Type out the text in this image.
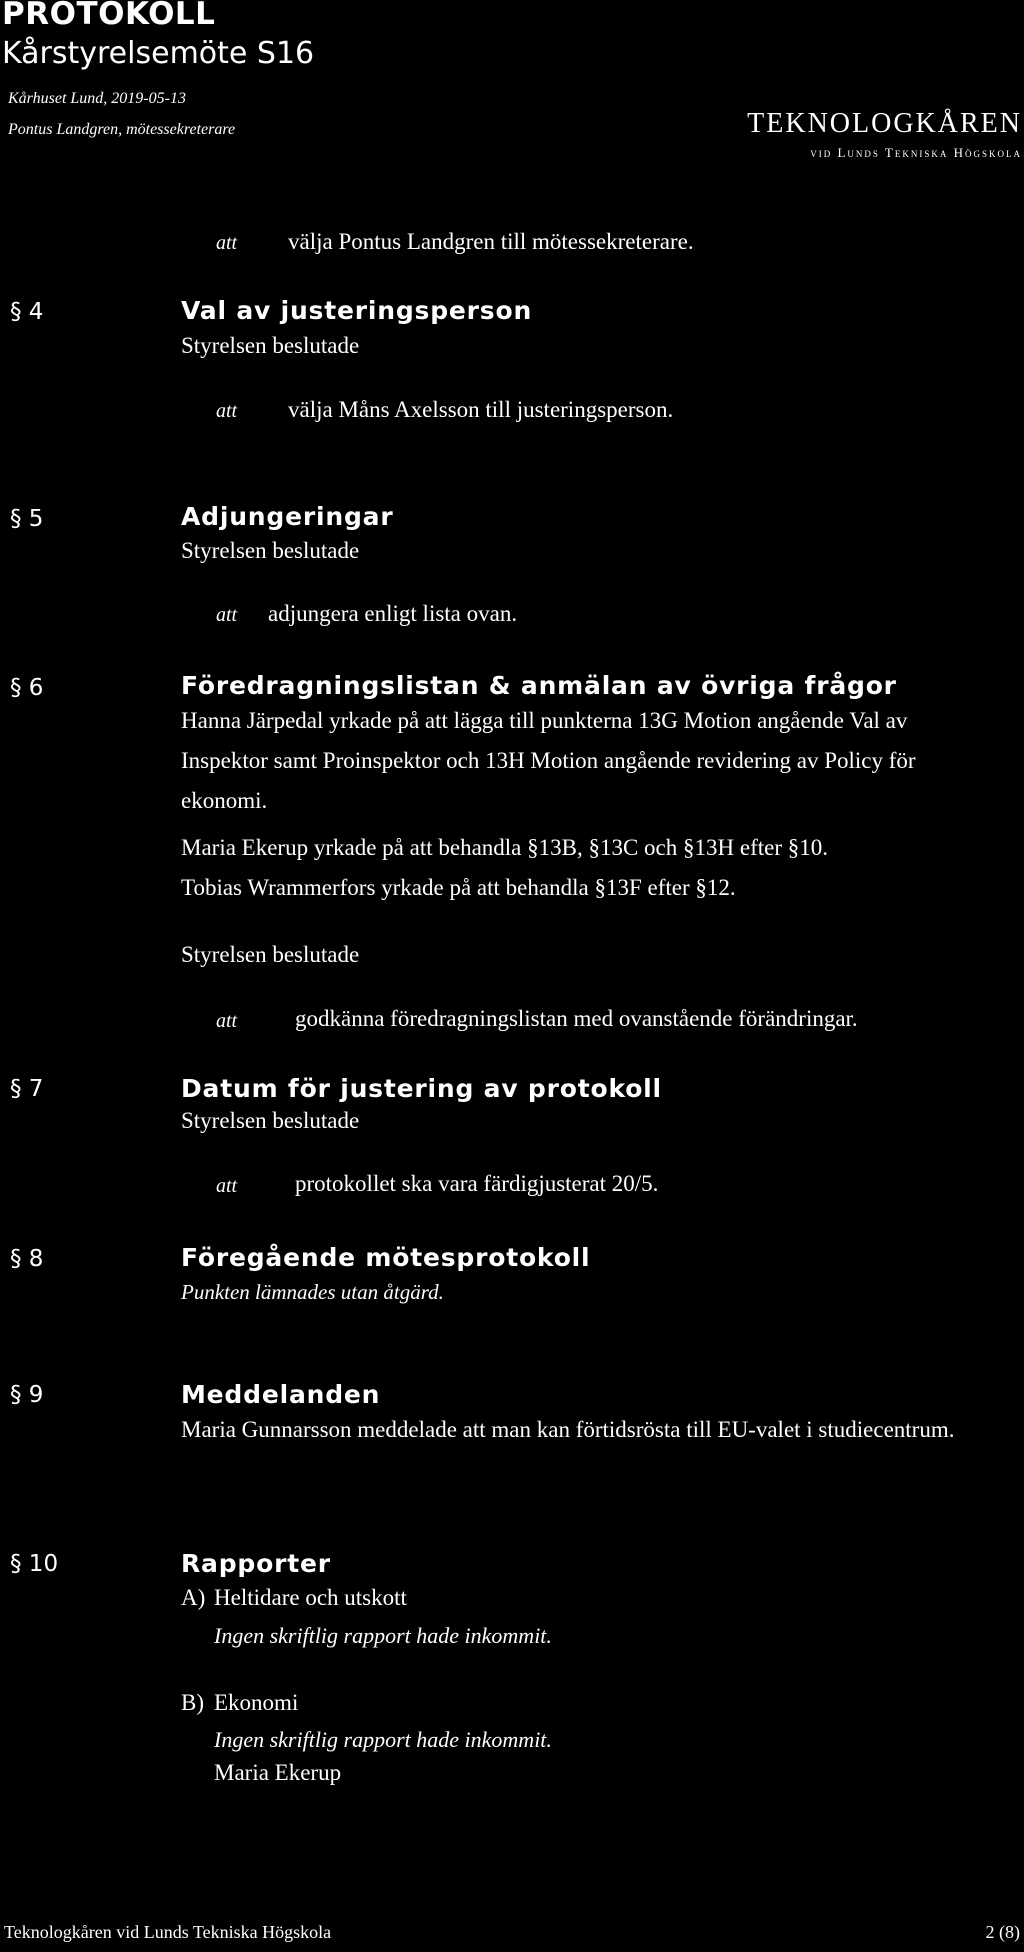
PROTOKOLL
Kårstyrelsemöte S16
Kårhuset Lund, 2019-05-13
Pontus Landgren, mötessekreterare	TEKNOLOGKÅREN
vid Lunds Tekniska Högskola
att välja Pontus Landgren till mötessekreterare.
§ 4	Val av justeringsperson
Styrelsen beslutade
att välja Måns Axelsson till justeringsperson.
§ 5	Adjungeringar
Styrelsen beslutade
att adjungera enligt lista ovan.
§ 6	Föredragningslistan & anmälan av övriga frågor
Hanna Järpedal yrkade på att lägga till punkterna 13G Motion angående Val av Inspektor samt Proinspektor och 13H Motion angående revidering av Policy för ekonomi.
Maria Ekerup yrkade på att behandla §13B, §13C och §13H efter §10.
Tobias Wrammerfors yrkade på att behandla §13F efter §12.
Styrelsen beslutade
att	godkänna föredragningslistan med ovanstående förändringar.
§ 7	Datum för justering av protokoll
Styrelsen beslutade
att	protokollet ska vara färdigjusterat 20/5.
§ 8	Föregående mötesprotokoll
Punkten lämnades utan åtgärd.
§ 9	Meddelanden
Maria Gunnarsson meddelade att man kan förtidsrösta till EU-valet i studiecentrum.
§ 10	Rapporter
A) Heltidare och utskott
Ingen skriftlig rapport hade inkommit.
B) Ekonomi
Ingen skriftlig rapport hade inkommit.
Maria Ekerup
Teknologkåren vid Lunds Tekniska Högskola	2 (8)
